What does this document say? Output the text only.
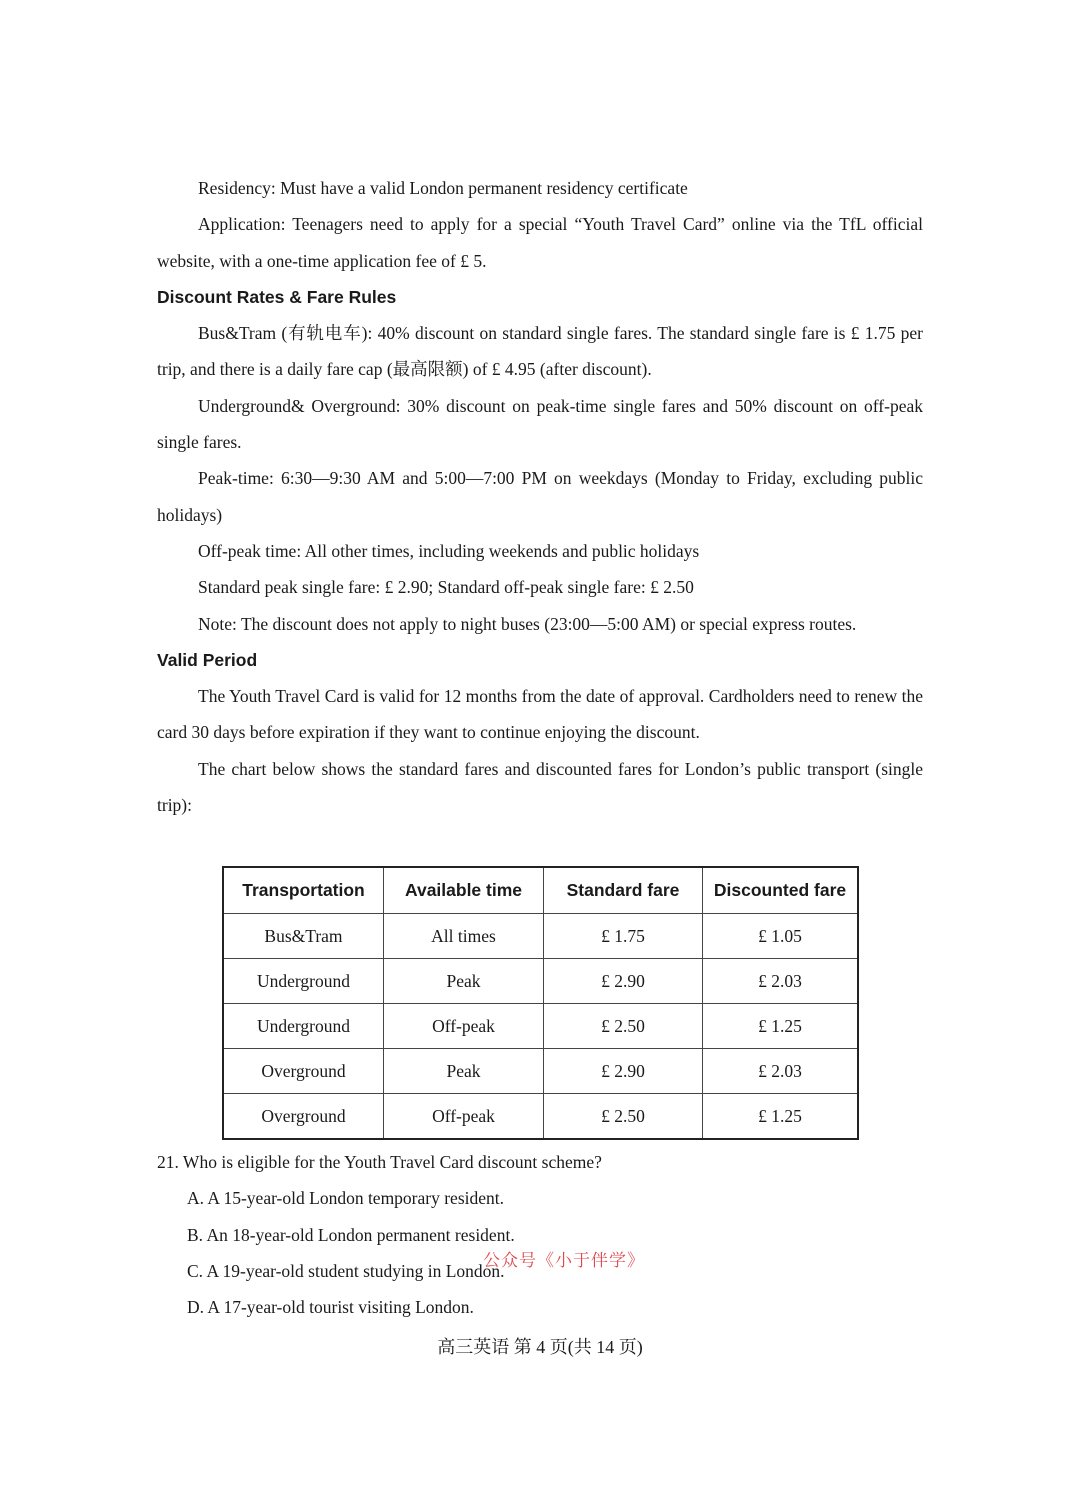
Residency: Must have a valid London permanent residency certificate

Application: Teenagers need to apply for a special “Youth Travel Card” online via the TfL official website, with a one-time application fee of £ 5.

Discount Rates & Fare Rules

Bus&Tram (有轨电车): 40% discount on standard single fares. The standard single fare is £ 1.75 per trip, and there is a daily fare cap (最高限额) of £ 4.95 (after discount).

Underground& Overground: 30% discount on peak-time single fares and 50% discount on off-peak single fares.

Peak-time: 6:30—9:30 AM and 5:00—7:00 PM on weekdays (Monday to Friday, excluding public holidays)

Off-peak time: All other times, including weekends and public holidays

Standard peak single fare: £ 2.90; Standard off-peak single fare: £ 2.50

Note: The discount does not apply to night buses (23:00—5:00 AM) or special express routes.

Valid Period

The Youth Travel Card is valid for 12 months from the date of approval. Cardholders need to renew the card 30 days before expiration if they want to continue enjoying the discount.

The chart below shows the standard fares and discounted fares for London’s public transport (single trip):

Transportation	Available time	Standard fare	Discounted fare
Bus&Tram	All times	£ 1.75	£ 1.05
Underground	Peak	£ 2.90	£ 2.03
Underground	Off-peak	£ 2.50	£ 1.25
Overground	Peak	£ 2.90	£ 2.03
Overground	Off-peak	£ 2.50	£ 1.25

21. Who is eligible for the Youth Travel Card discount scheme?

A. A 15-year-old London temporary resident.

B. An 18-year-old London permanent resident.

C. A 19-year-old student studying in London.

D. A 17-year-old tourist visiting London.

公众号《小于伴学》
高三英语 第 4 页(共 14 页)
